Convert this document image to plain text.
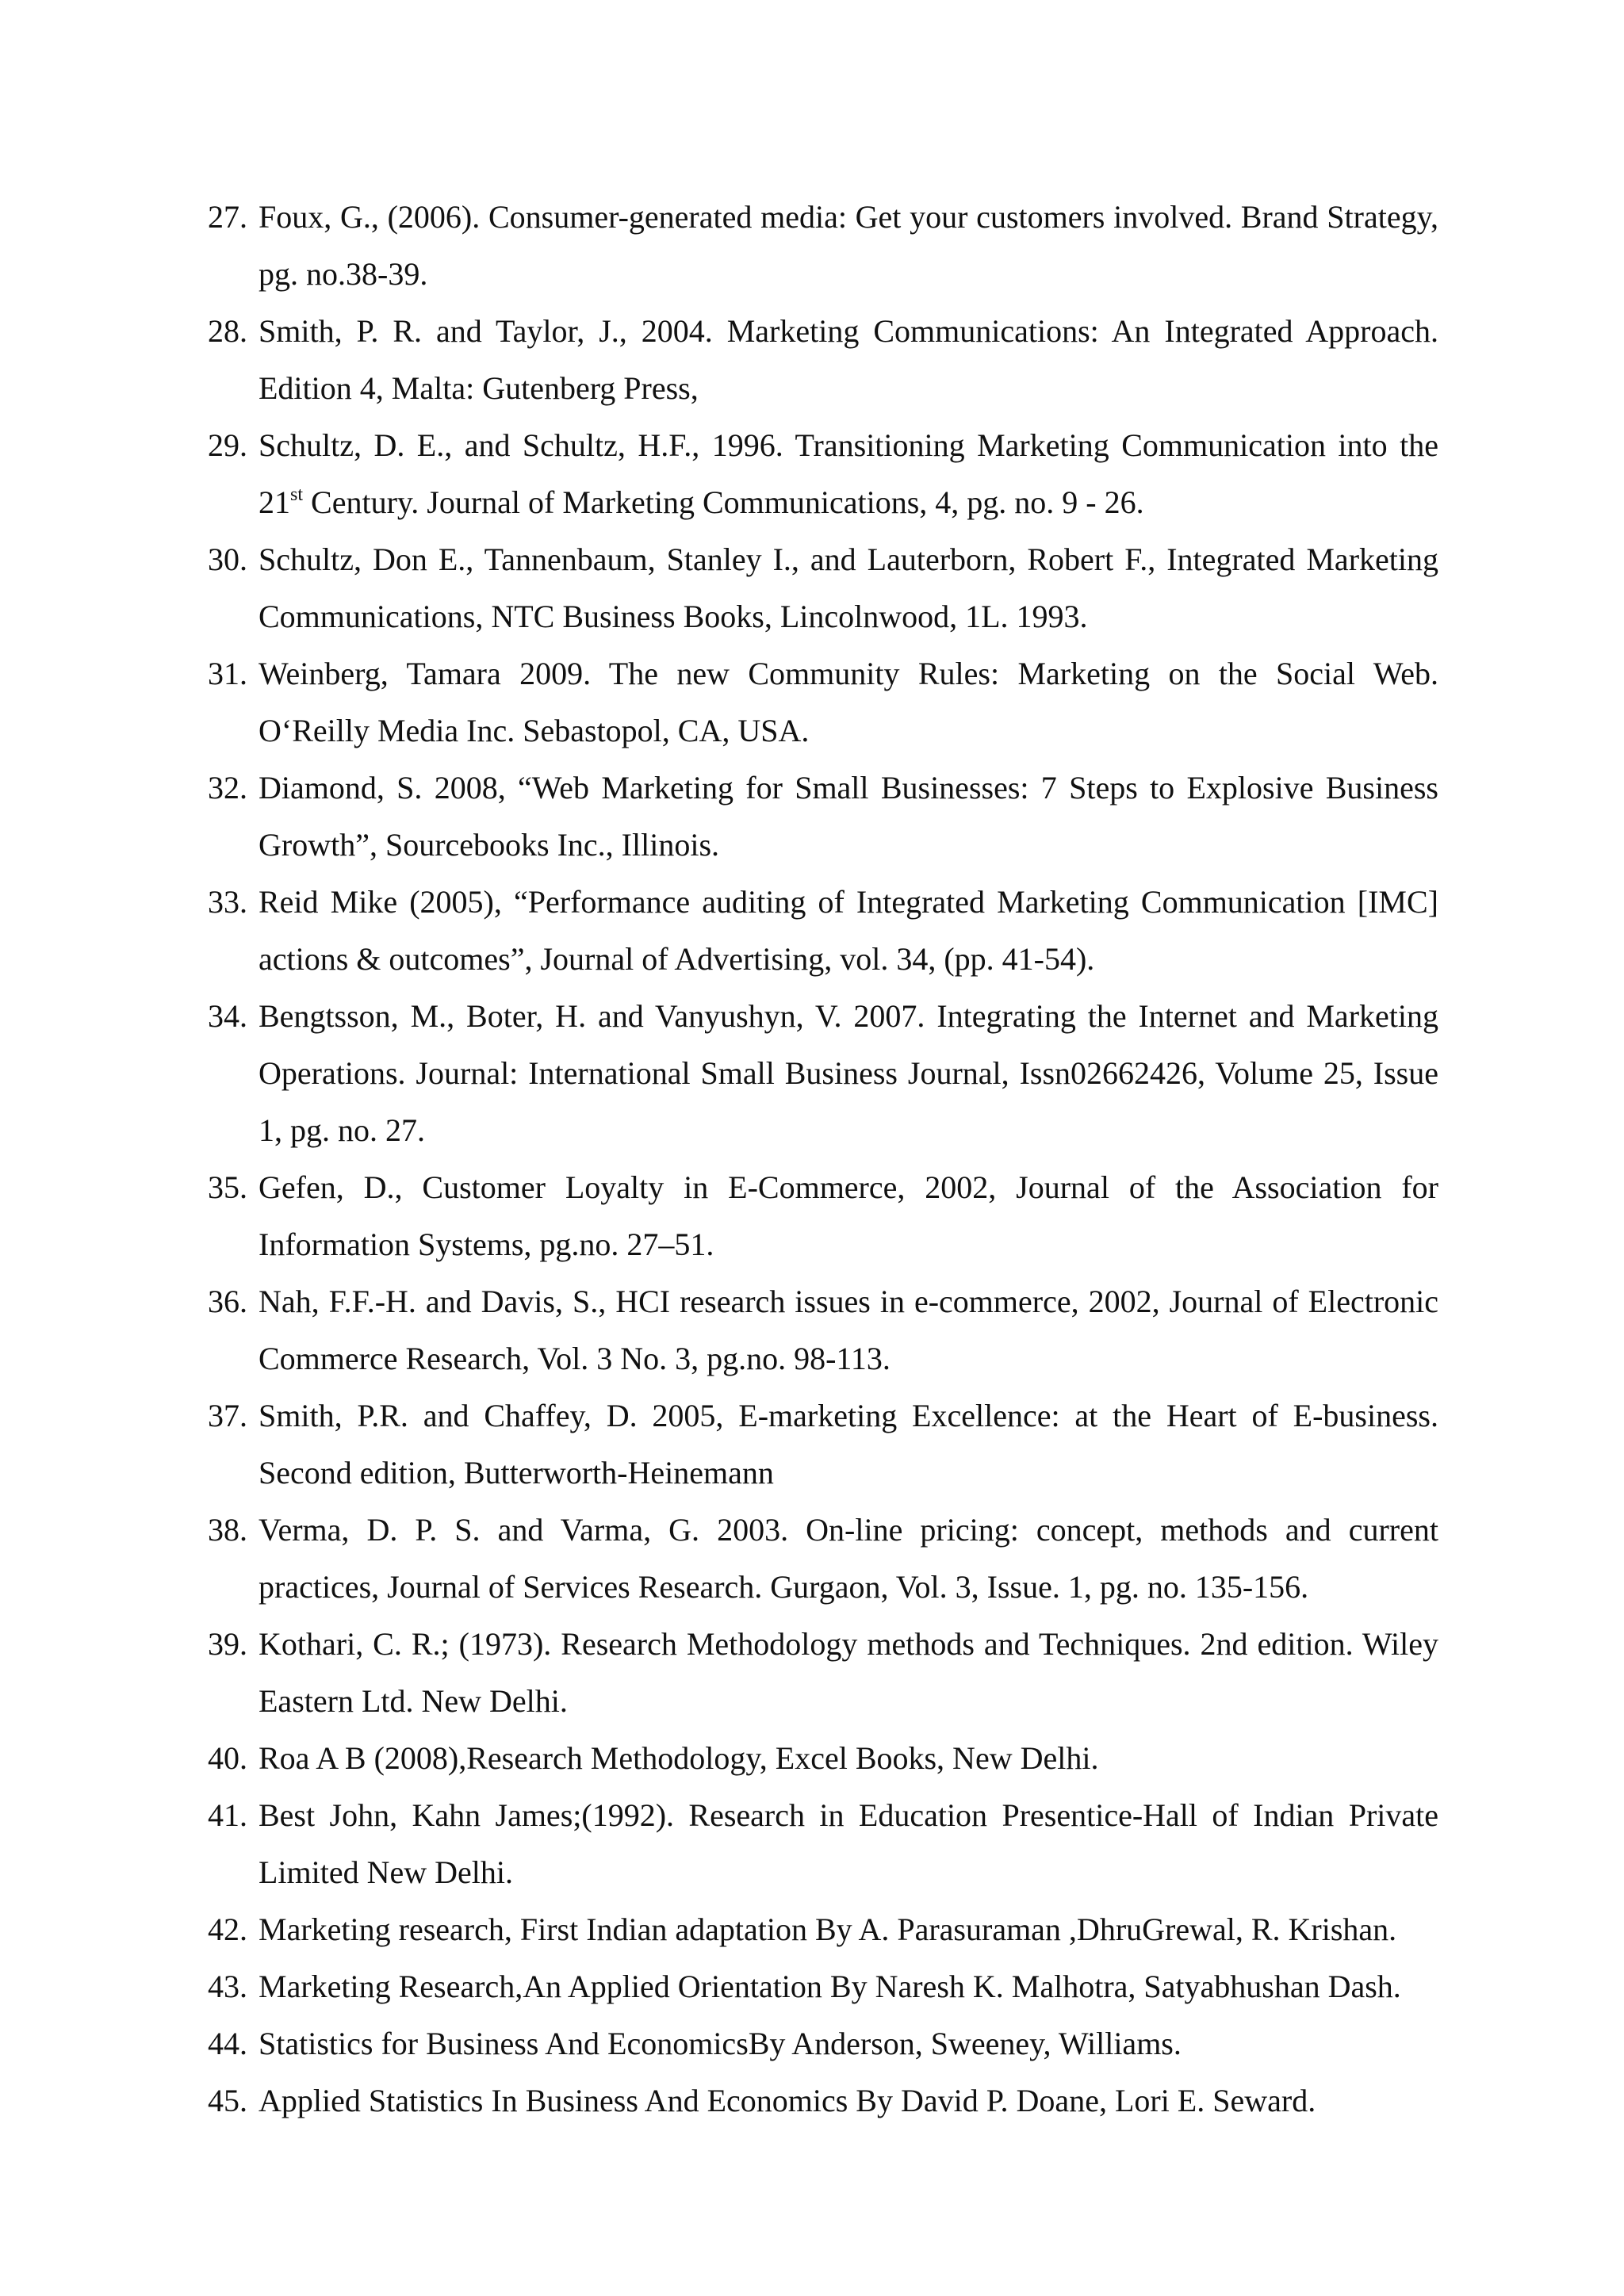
27. Foux, G., (2006). Consumer-generated media: Get your customers involved. Brand Strategy, pg. no.38-39.
28. Smith, P. R. and Taylor, J., 2004. Marketing Communications: An Integrated Approach. Edition 4, Malta: Gutenberg Press,
29. Schultz, D. E., and Schultz, H.F., 1996. Transitioning Marketing Communication into the 21st Century. Journal of Marketing Communications, 4, pg. no. 9 - 26.
30. Schultz, Don E., Tannenbaum, Stanley I., and Lauterborn, Robert F., Integrated Marketing Communications, NTC Business Books, Lincolnwood, 1L. 1993.
31. Weinberg, Tamara 2009. The new Community Rules: Marketing on the Social Web. O‘Reilly Media Inc. Sebastopol, CA, USA.
32. Diamond, S. 2008, “Web Marketing for Small Businesses: 7 Steps to Explosive Business Growth”, Sourcebooks Inc., Illinois.
33. Reid Mike (2005), “Performance auditing of Integrated Marketing Communication [IMC] actions & outcomes”, Journal of Advertising, vol. 34, (pp. 41-54).
34. Bengtsson, M., Boter, H. and Vanyushyn, V. 2007. Integrating the Internet and Marketing Operations. Journal: International Small Business Journal, Issn02662426, Volume 25, Issue 1, pg. no. 27.
35. Gefen, D., Customer Loyalty in E-Commerce, 2002, Journal of the Association for Information Systems, pg.no. 27–51.
36. Nah, F.F.-H. and Davis, S., HCI research issues in e-commerce, 2002, Journal of Electronic Commerce Research, Vol. 3 No. 3, pg.no. 98-113.
37. Smith, P.R. and Chaffey, D. 2005, E-marketing Excellence: at the Heart of E-business. Second edition, Butterworth-Heinemann
38. Verma, D. P. S. and Varma, G. 2003. On-line pricing: concept, methods and current practices, Journal of Services Research. Gurgaon, Vol. 3, Issue. 1, pg. no. 135-156.
39. Kothari, C. R.; (1973). Research Methodology methods and Techniques. 2nd edition. Wiley Eastern Ltd. New Delhi.
40. Roa A B (2008),Research Methodology, Excel Books, New Delhi.
41. Best John, Kahn James;(1992). Research in Education Presentice-Hall of Indian Private Limited New Delhi.
42. Marketing research, First Indian adaptation By A. Parasuraman ,DhruGrewal, R. Krishan.
43. Marketing Research,An Applied Orientation By Naresh K. Malhotra, Satyabhushan Dash.
44. Statistics for Business And EconomicsBy Anderson, Sweeney, Williams.
45. Applied Statistics In Business And Economics By David P. Doane, Lori E. Seward.
